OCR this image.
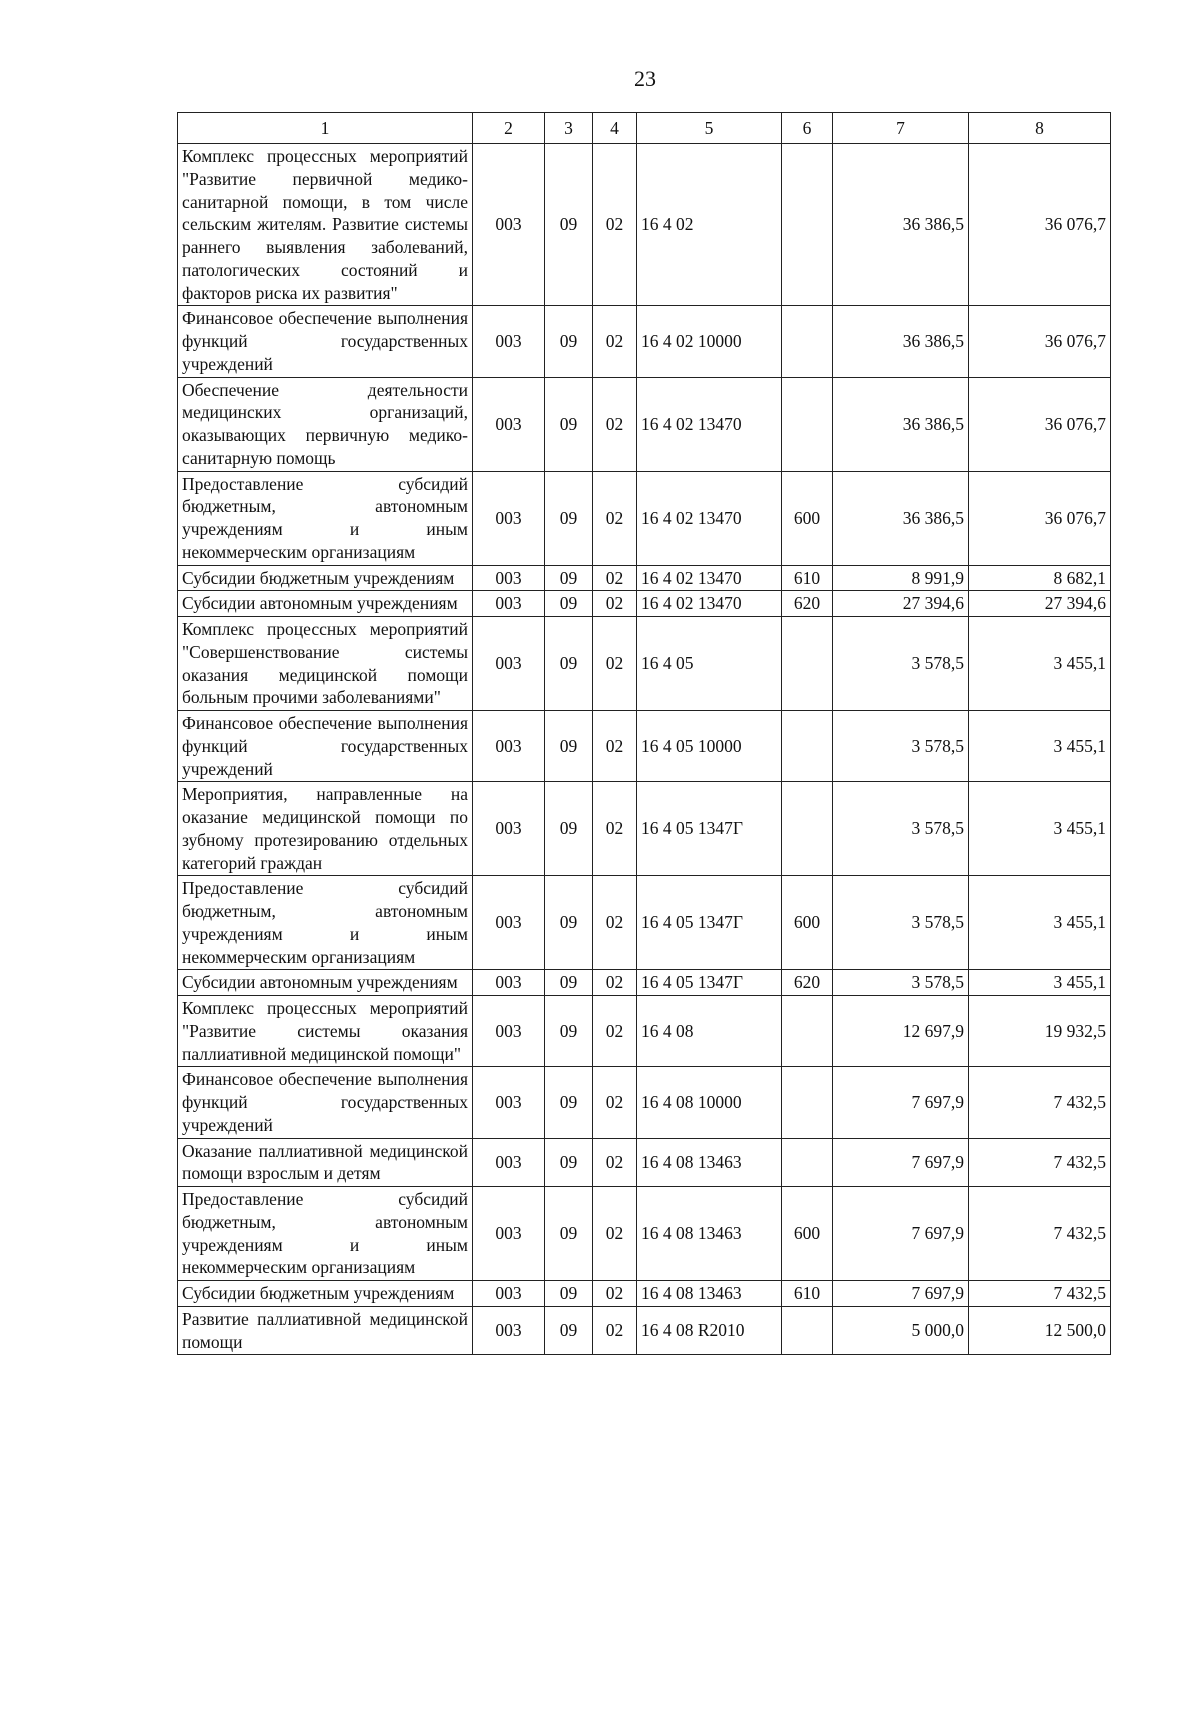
23
1	2	3	4	5	6	7	8
Комплекс процессных мероприятий "Развитие первичной медико-санитарной помощи, в том числе сельским жителям. Развитие системы раннего выявления заболеваний, патологических состояний и факторов риска их развития"	003	09	02	16 4 02		36 386,5	36 076,7
Финансовое обеспечение выполнения функций государственных учреждений	003	09	02	16 4 02 10000		36 386,5	36 076,7
Обеспечение деятельности медицинских организаций, оказывающих первичную медико-санитарную помощь	003	09	02	16 4 02 13470		36 386,5	36 076,7
Предоставление субсидий бюджетным, автономным учреждениям и иным некоммерческим организациям	003	09	02	16 4 02 13470	600	36 386,5	36 076,7
Субсидии бюджетным учреждениям	003	09	02	16 4 02 13470	610	8 991,9	8 682,1
Субсидии автономным учреждениям	003	09	02	16 4 02 13470	620	27 394,6	27 394,6
Комплекс процессных мероприятий "Совершенствование системы оказания медицинской помощи больным прочими заболеваниями"	003	09	02	16 4 05		3 578,5	3 455,1
Финансовое обеспечение выполнения функций государственных учреждений	003	09	02	16 4 05 10000		3 578,5	3 455,1
Мероприятия, направленные на оказание медицинской помощи по зубному протезированию отдельных категорий граждан	003	09	02	16 4 05 1347Г		3 578,5	3 455,1
Предоставление субсидий бюджетным, автономным учреждениям и иным некоммерческим организациям	003	09	02	16 4 05 1347Г	600	3 578,5	3 455,1
Субсидии автономным учреждениям	003	09	02	16 4 05 1347Г	620	3 578,5	3 455,1
Комплекс процессных мероприятий "Развитие системы оказания паллиативной медицинской помощи"	003	09	02	16 4 08		12 697,9	19 932,5
Финансовое обеспечение выполнения функций государственных учреждений	003	09	02	16 4 08 10000		7 697,9	7 432,5
Оказание паллиативной медицинской помощи взрослым и детям	003	09	02	16 4 08 13463		7 697,9	7 432,5
Предоставление субсидий бюджетным, автономным учреждениям и иным некоммерческим организациям	003	09	02	16 4 08 13463	600	7 697,9	7 432,5
Субсидии бюджетным учреждениям	003	09	02	16 4 08 13463	610	7 697,9	7 432,5
Развитие паллиативной медицинской помощи	003	09	02	16 4 08 R2010		5 000,0	12 500,0
